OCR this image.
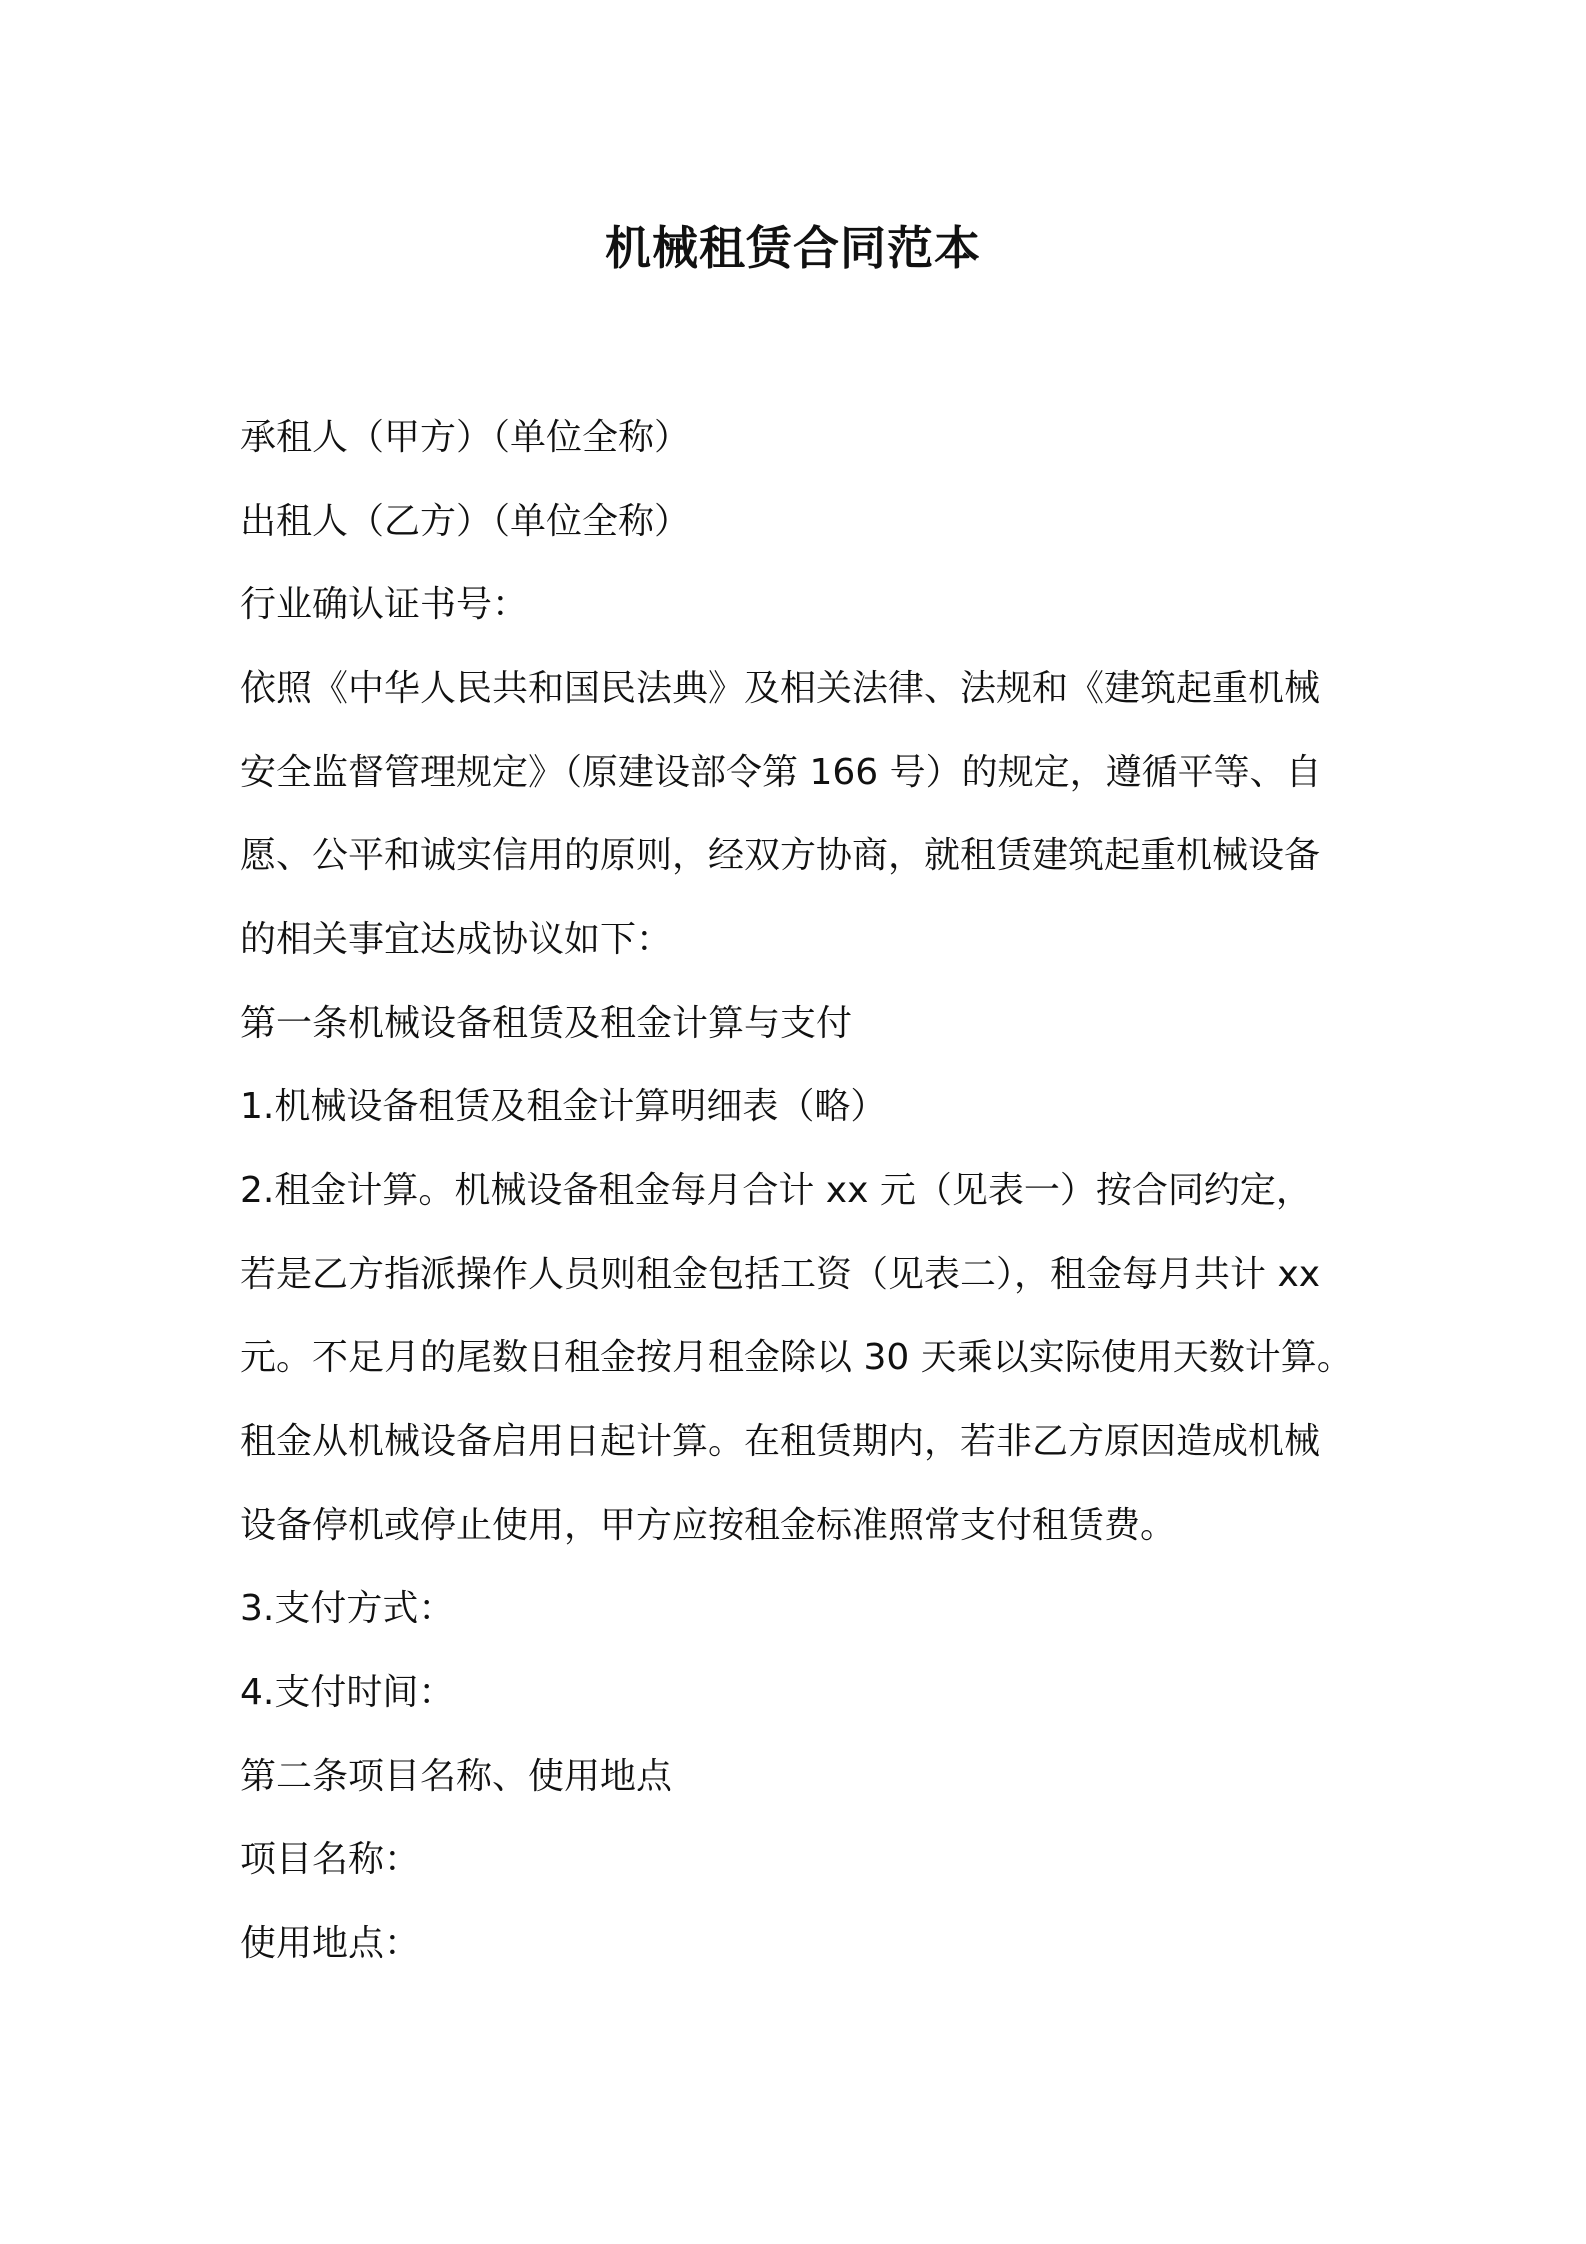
机械租赁合同范本

承租人（甲方）（单位全称）

出租人（乙方）（单位全称）

行业确认证书号：

依照《中华人民共和国民法典》及相关法律、法规和《建筑起重机械

安全监督管理规定》（原建设部令第 166 号）的规定，遵循平等、自

愿、公平和诚实信用的原则，经双方协商，就租赁建筑起重机械设备

的相关事宜达成协议如下：

第一条机械设备租赁及租金计算与支付

1.机械设备租赁及租金计算明细表（略）

2.租金计算。机械设备租金每月合计 xx 元（见表一）按合同约定，

若是乙方指派操作人员则租金包括工资（见表二），租金每月共计 xx

元。不足月的尾数日租金按月租金除以 30 天乘以实际使用天数计算。

租金从机械设备启用日起计算。在租赁期内，若非乙方原因造成机械

设备停机或停止使用，甲方应按租金标准照常支付租赁费。

3.支付方式：

4.支付时间：

第二条项目名称、使用地点

项目名称：

使用地点：
